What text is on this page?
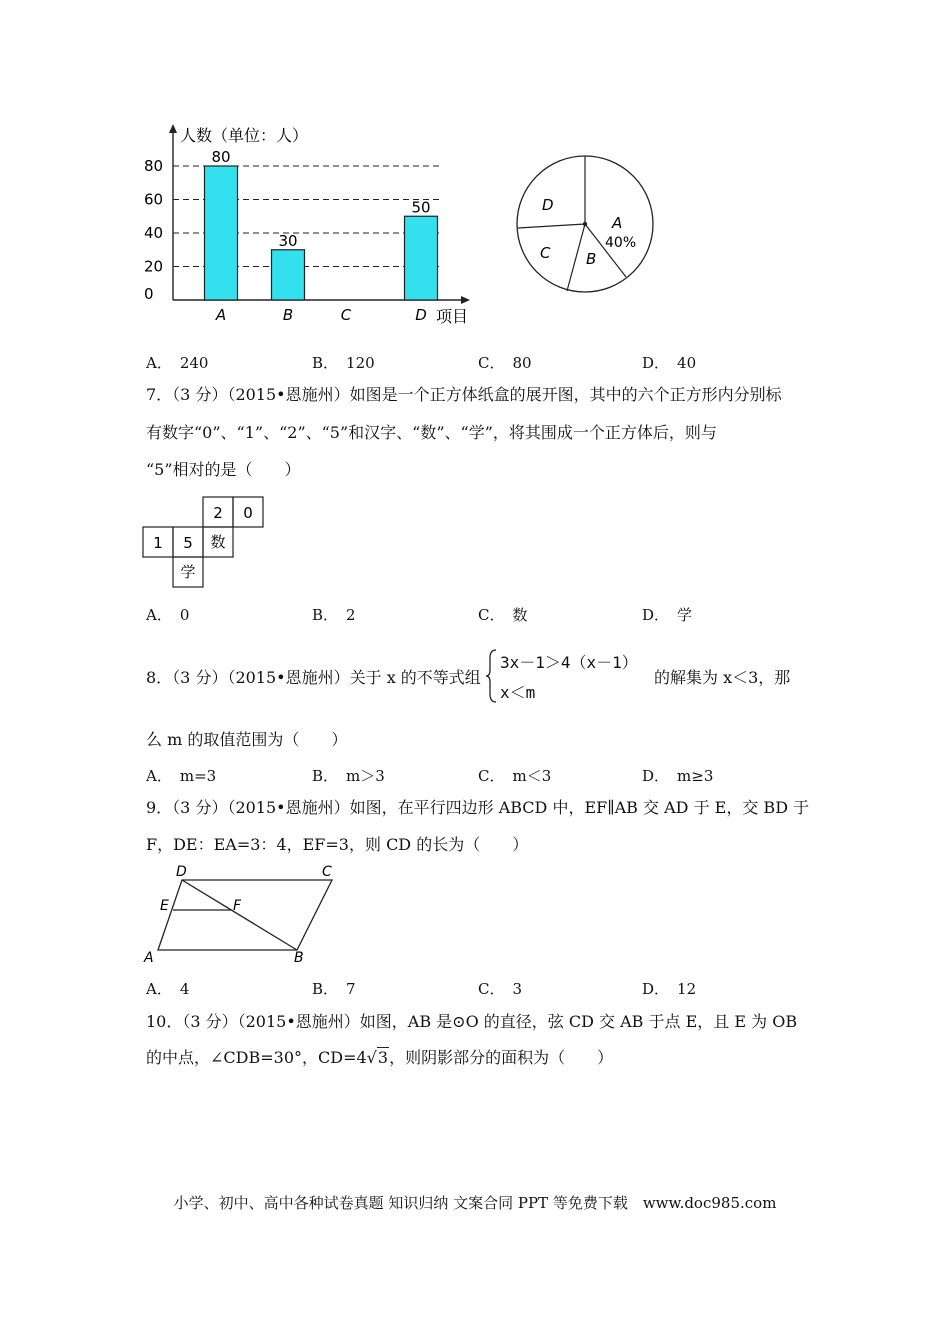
0
20
40
60
80	80
A
30
B	C
50
D
人数（单位：人）
项目
D
C B
A
40%
A． 240	B． 120	C． 80	D． 40
7．（3 分）（2015•恩施州）如图是一个正方体纸盒的展开图，其中的六个正方形内分别标
有数字“0”、“1”、“2”、“5”和汉字、“数”、“学”，将其围成一个正方体后，则与
“5”相对的是（　　）
2 0
1 5 数
学
A． 0	B． 2	C． 数	D． 学
8．（3 分）（2015•恩施州）关于 x 的不等式组
3x－1＞4（x－1）
x＜m
的解集为 x＜3，那
么 m 的取值范围为（　　）
A． m=3	B． m＞3	C． m＜3	D． m≥3
9．（3 分）（2015•恩施州）如图，在平行四边形 ABCD 中，EF∥AB 交 AD 于 E，交 BD 于
F，DE：EA=3：4，EF=3，则 CD 的长为（　　）
D	C
E	F
A	B
A． 4	B． 7	C． 3	D． 12
10．（3 分）（2015•恩施州）如图，AB 是⊙O 的直径，弦 CD 交 AB 于点 E，且 E 为 OB
的中点，∠CDB=30°，CD=4√3，则阴影部分的面积为（　　）
小学、初中、高中各种试卷真题 知识归纳 文案合同 PPT 等免费下载　www.doc985.com
